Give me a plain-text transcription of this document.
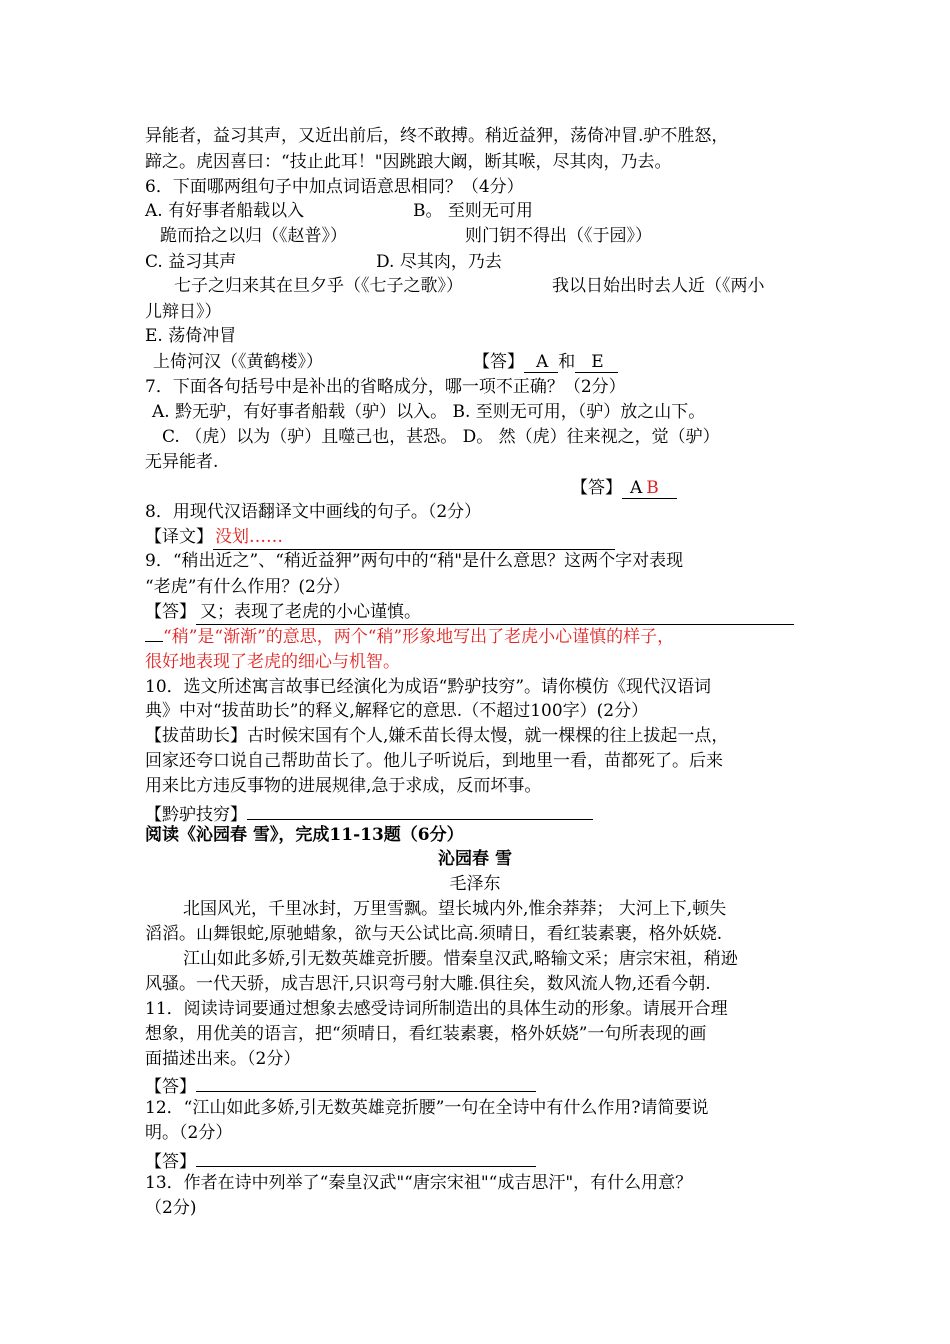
异能者，益习其声，又近出前后，终不敢搏。稍近益狎，荡倚冲冒.驴不胜怒，
蹄之。虎因喜曰：“技止此耳！"因跳踉大阚，断其喉，尽其肉，乃去。
6．下面哪两组句子中加点词语意思相同？（4分）
A. 有好事者船载以入	B。 至则无可用
跪而拾之以归（《赵普》）	则门钥不得出（《于园》）
C. 益习其声	D. 尽其肉，乃去
七子之归来其在旦夕乎（《七子之歌》）	我以日始出时去人近（《两小
儿辩日》）
E. 荡倚冲冒
上倚河汉（《黄鹤楼》）	【答】 A 和 E
7．下面各句括号中是补出的省略成分，哪一项不正确？（2分）
A. 黔无驴，有好事者船载（驴）以入。 B. 至则无可用，（驴）放之山下。
C. （虎）以为（驴）且噬己也，甚恐。 D。 然（虎）往来视之，觉（驴）
无异能者.
【答】 A B
8．用现代汉语翻译文中画线的句子。（2分）
【译文】 没划……
9．“稍出近之”、“稍近益狎”两句中的“稍"是什么意思？这两个字对表现
“老虎”有什么作用？(2分）
【答】 又；表现了老虎的小心谨慎。
“稍”是“渐渐”的意思，两个“稍”形象地写出了老虎小心谨慎的样子，
很好地表现了老虎的细心与机智。
10．选文所述寓言故事已经演化为成语“黔驴技穷”。请你模仿《现代汉语词
典》中对“拔苗助长”的释义,解释它的意思.（不超过100字）(2分）
【拔苗助长】古时候宋国有个人,嫌禾苗长得太慢，就一棵棵的往上拔起一点，
回家还夸口说自己帮助苗长了。他儿子听说后，到地里一看，苗都死了。后来
用来比方违反事物的进展规律,急于求成，反而坏事。
【黔驴技穷】
阅读《沁园春 雪》，完成11-13题（6分）
沁园春 雪
毛泽东
北国风光，千里冰封，万里雪飘。望长城内外,惟余莽莽； 大河上下,顿失
滔滔。山舞银蛇,原驰蜡象，欲与天公试比高.须晴日，看红装素裹，格外妖娆.
江山如此多娇,引无数英雄竞折腰。惜秦皇汉武,略输文采；唐宗宋祖，稍逊
风骚。一代天骄，成吉思汗,只识弯弓射大雕.俱往矣，数风流人物,还看今朝.
11．阅读诗词要通过想象去感受诗词所制造出的具体生动的形象。请展开合理
想象，用优美的语言，把“须晴日，看红装素裹，格外妖娆”一句所表现的画
面描述出来。（2分）
【答】
12．“江山如此多娇,引无数英雄竞折腰”一句在全诗中有什么作用?请简要说
明。（2分）
【答】
13．作者在诗中列举了“秦皇汉武"“唐宗宋祖"“成吉思汗"，有什么用意？
（2分)
